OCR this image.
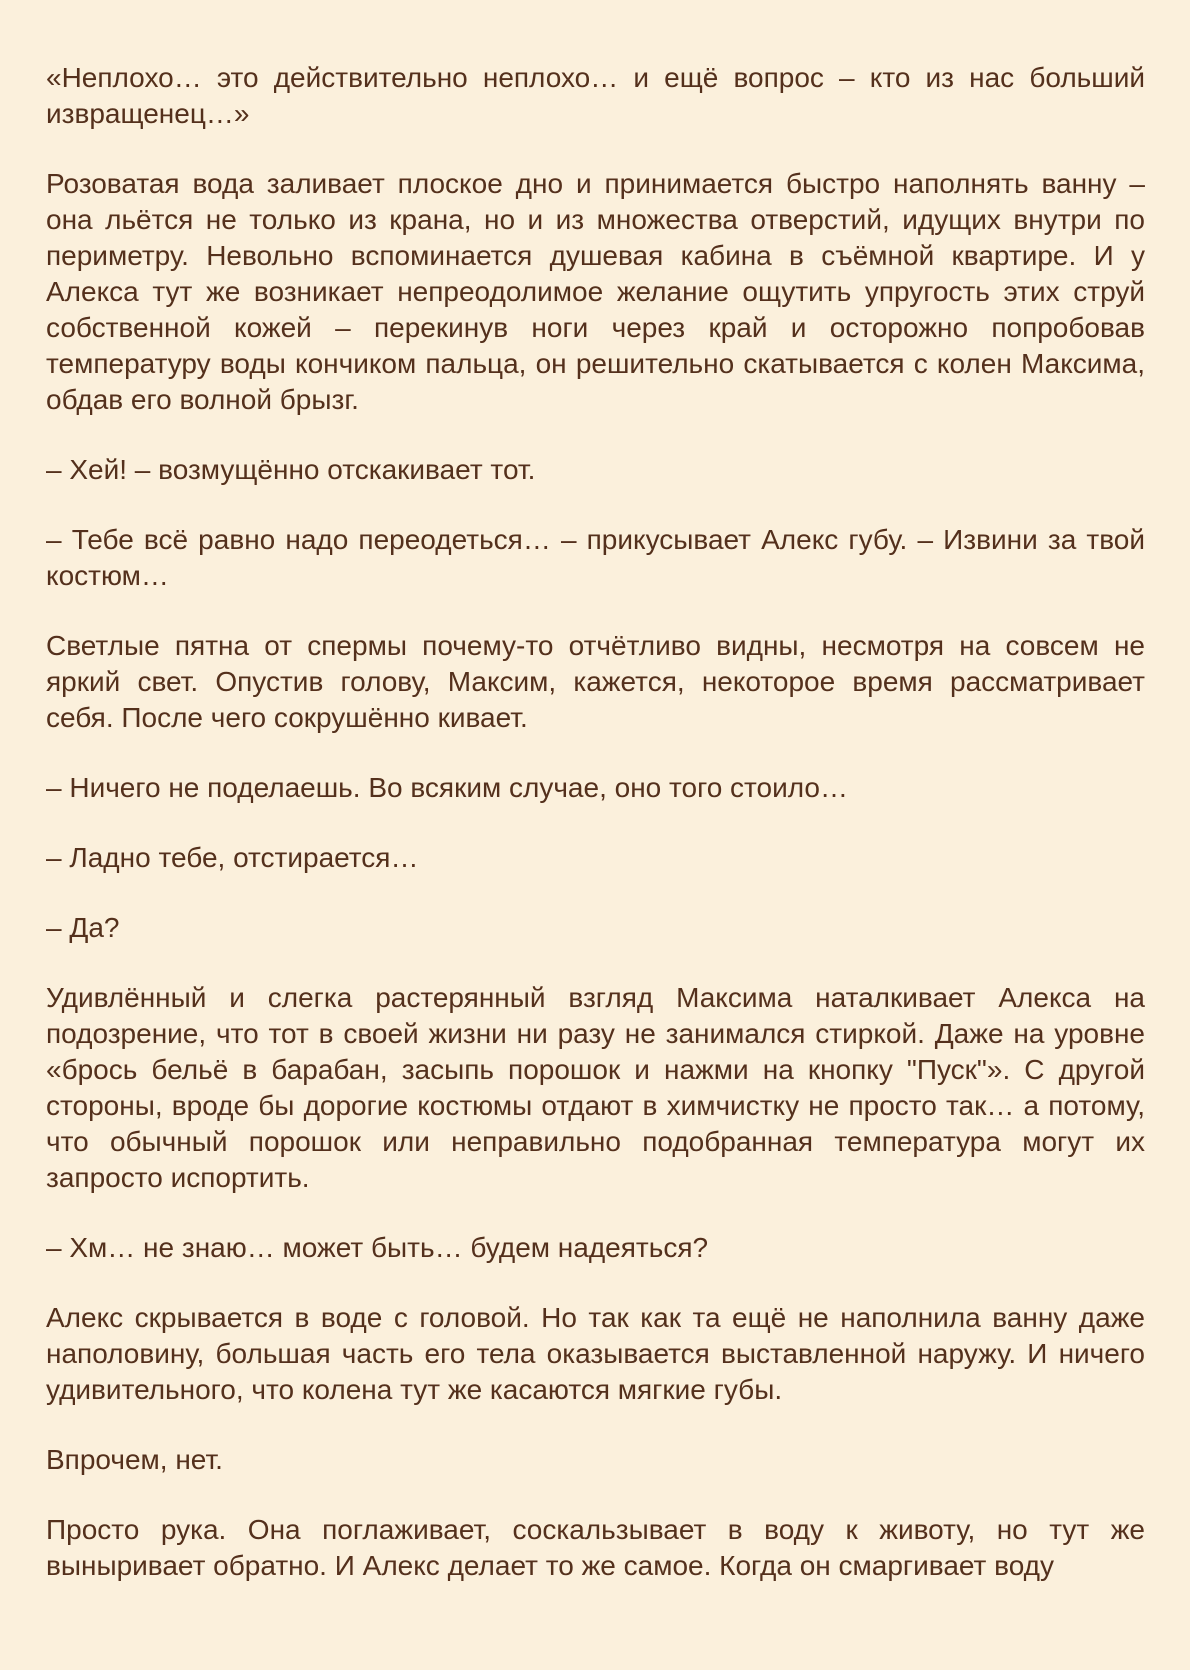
«Неплохо… это действительно неплохо… и ещё вопрос – кто из нас больший извращенец…»

Розоватая вода заливает плоское дно и принимается быстро наполнять ванну – она льётся не только из крана, но и из множества отверстий, идущих внутри по периметру. Невольно вспоминается душевая кабина в съёмной квартире. И у Алекса тут же возникает непреодолимое желание ощутить упругость этих струй собственной кожей – перекинув ноги через край и осторожно попробовав температуру воды кончиком пальца, он решительно скатывается с колен Максима, обдав его волной брызг.

– Хей! – возмущённо отскакивает тот.

– Тебе всё равно надо переодеться… – прикусывает Алекс губу. – Извини за твой костюм…

Светлые пятна от спермы почему-то отчётливо видны, несмотря на совсем не яркий свет. Опустив голову, Максим, кажется, некоторое время рассматривает себя. После чего сокрушённо кивает.

– Ничего не поделаешь. Во всяким случае, оно того стоило…

– Ладно тебе, отстирается…

– Да?

Удивлённый и слегка растерянный взгляд Максима наталкивает Алекса на подозрение, что тот в своей жизни ни разу не занимался стиркой. Даже на уровне «брось бельё в барабан, засыпь порошок и нажми на кнопку "Пуск"». С другой стороны, вроде бы дорогие костюмы отдают в химчистку не просто так… а потому, что обычный порошок или неправильно подобранная температура могут их запросто испортить.

– Хм… не знаю… может быть… будем надеяться?

Алекс скрывается в воде с головой. Но так как та ещё не наполнила ванну даже наполовину, большая часть его тела оказывается выставленной наружу. И ничего удивительного, что колена тут же касаются мягкие губы.

Впрочем, нет.

Просто рука. Она поглаживает, соскальзывает в воду к животу, но тут же выныривает обратно. И Алекс делает то же самое. Когда он смаргивает воду
